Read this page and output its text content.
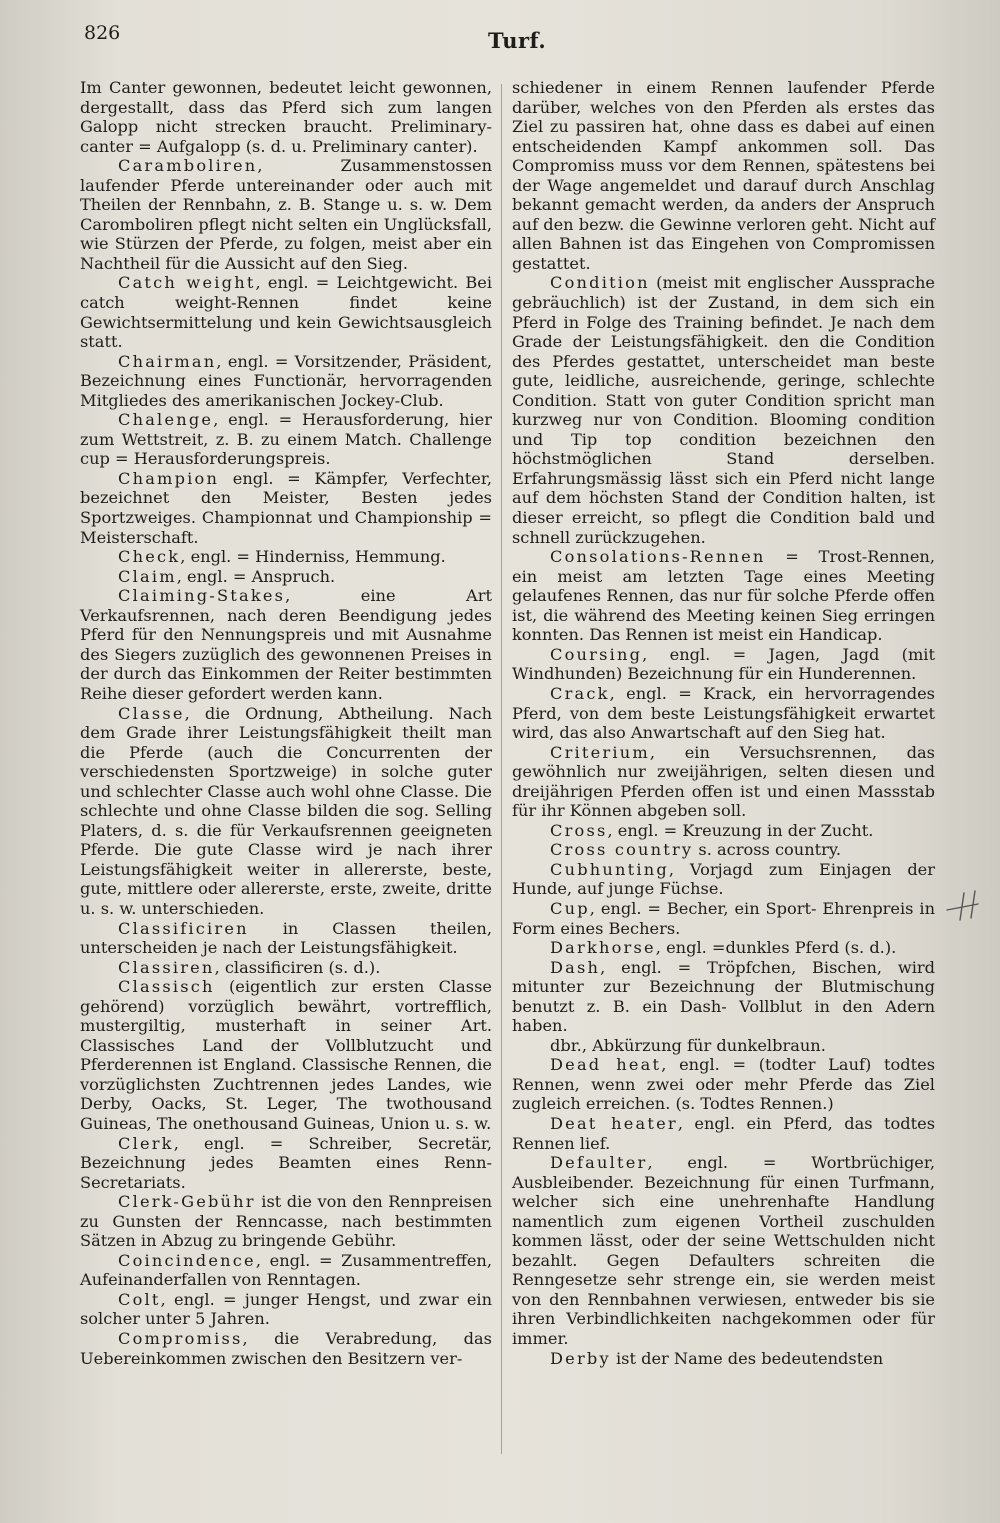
826	Turf.

Im Canter gewonnen, bedeutet leicht gewonnen, dergestallt, dass das Pferd sich zum langen Galopp nicht strecken braucht. Preliminary-canter = Aufgalopp (s. d. u. Preliminary canter).

Caramboliren, Zusammenstossen laufender Pferde untereinander oder auch mit Theilen der Rennbahn, z. B. Stange u. s. w. Dem Caromboliren pflegt nicht selten ein Unglücksfall, wie Stürzen der Pferde, zu folgen, meist aber ein Nachtheil für die Aussicht auf den Sieg.

Catch weight, engl. = Leichtgewicht. Bei catch weight-Rennen findet keine Gewichtsermittelung und kein Gewichtsausgleich statt.

Chairman, engl. = Vorsitzender, Präsident, Bezeichnung eines Functionär, hervorragenden Mitgliedes des amerikanischen Jockey-Club.

Chalenge, engl. = Herausforderung, hier zum Wettstreit, z. B. zu einem Match. Challenge cup = Herausforderungspreis.

Champion engl. = Kämpfer, Verfechter, bezeichnet den Meister, Besten jedes Sportzweiges. Championnat und Championship = Meisterschaft.

Check, engl. = Hinderniss, Hemmung.

Claim, engl. = Anspruch.

Claiming-Stakes, eine Art Verkaufsrennen, nach deren Beendigung jedes Pferd für den Nennungspreis und mit Ausnahme des Siegers zuzüglich des gewonnenen Preises in der durch das Einkommen der Reiter bestimmten Reihe dieser gefordert werden kann.

Classe, die Ordnung, Abtheilung. Nach dem Grade ihrer Leistungsfähigkeit theilt man die Pferde (auch die Concurrenten der verschiedensten Sportzweige) in solche guter und schlechter Classe auch wohl ohne Classe. Die schlechte und ohne Classe bilden die sog. Selling Platers, d. s. die für Verkaufsrennen geeigneten Pferde. Die gute Classe wird je nach ihrer Leistungsfähigkeit weiter in allererste, beste, gute, mittlere oder allererste, erste, zweite, dritte u. s. w. unterschieden.

Classificiren in Classen theilen, unterscheiden je nach der Leistungsfähigkeit.

Classiren, classificiren (s. d.).

Classisch (eigentlich zur ersten Classe gehörend) vorzüglich bewährt, vortrefflich, mustergiltig, musterhaft in seiner Art. Classisches Land der Vollblutzucht und Pferderennen ist England. Classische Rennen, die vorzüglichsten Zuchtrennen jedes Landes, wie Derby, Oacks, St. Leger, The twothousand Guineas, The onethousand Guineas, Union u. s. w.

Clerk, engl. = Schreiber, Secretär, Bezeichnung jedes Beamten eines Renn-Secretariats.

Clerk-Gebühr ist die von den Rennpreisen zu Gunsten der Renncasse, nach bestimmten Sätzen in Abzug zu bringende Gebühr.

Coincindence, engl. = Zusammentreffen, Aufeinanderfallen von Renntagen.

Colt, engl. = junger Hengst, und zwar ein solcher unter 5 Jahren.

Compromiss, die Verabredung, das Uebereinkommen zwischen den Besitzern ver-

schiedener in einem Rennen laufender Pferde darüber, welches von den Pferden als erstes das Ziel zu passiren hat, ohne dass es dabei auf einen entscheidenden Kampf ankommen soll. Das Compromiss muss vor dem Rennen, spätestens bei der Wage angemeldet und darauf durch Anschlag bekannt gemacht werden, da anders der Anspruch auf den bezw. die Gewinne verloren geht. Nicht auf allen Bahnen ist das Eingehen von Compromissen gestattet.

Condition (meist mit englischer Aussprache gebräuchlich) ist der Zustand, in dem sich ein Pferd in Folge des Training befindet. Je nach dem Grade der Leistungsfähigkeit. den die Condition des Pferdes gestattet, unterscheidet man beste gute, leidliche, ausreichende, geringe, schlechte Condition. Statt von guter Condition spricht man kurzweg nur von Condition. Blooming condition und Tip top condition bezeichnen den höchstmöglichen Stand derselben. Erfahrungsmässig lässt sich ein Pferd nicht lange auf dem höchsten Stand der Condition halten, ist dieser erreicht, so pflegt die Condition bald und schnell zurückzugehen.

Consolations-Rennen = Trost-Rennen, ein meist am letzten Tage eines Meeting gelaufenes Rennen, das nur für solche Pferde offen ist, die während des Meeting keinen Sieg erringen konnten. Das Rennen ist meist ein Handicap.

Coursing, engl. = Jagen, Jagd (mit Windhunden) Bezeichnung für ein Hunderennen.

Crack, engl. = Krack, ein hervorragendes Pferd, von dem beste Leistungsfähigkeit erwartet wird, das also Anwartschaft auf den Sieg hat.

Criterium, ein Versuchsrennen, das gewöhnlich nur zweijährigen, selten diesen und dreijährigen Pferden offen ist und einen Massstab für ihr Können abgeben soll.

Cross, engl. = Kreuzung in der Zucht.

Cross country s. across country.

Cubhunting, Vorjagd zum Einjagen der Hunde, auf junge Füchse.

Cup, engl. = Becher, ein Sport- Ehrenpreis in Form eines Bechers.

Darkhorse, engl. =dunkles Pferd (s. d.).

Dash, engl. = Tröpfchen, Bischen, wird mitunter zur Bezeichnung der Blutmischung benutzt z. B. ein Dash- Vollblut in den Adern haben.

dbr., Abkürzung für dunkelbraun.

Dead heat, engl. = (todter Lauf) todtes Rennen, wenn zwei oder mehr Pferde das Ziel zugleich erreichen. (s. Todtes Rennen.)

Deat heater, engl. ein Pferd, das todtes Rennen lief.

Defaulter, engl. = Wortbrüchiger, Ausbleibender. Bezeichnung für einen Turfmann, welcher sich eine unehrenhafte Handlung namentlich zum eigenen Vortheil zuschulden kommen lässt, oder der seine Wettschulden nicht bezahlt. Gegen Defaulters schreiten die Renngesetze sehr strenge ein, sie werden meist von den Rennbahnen verwiesen, entweder bis sie ihren Verbindlichkeiten nachgekommen oder für immer.

Derby ist der Name des bedeutendsten
